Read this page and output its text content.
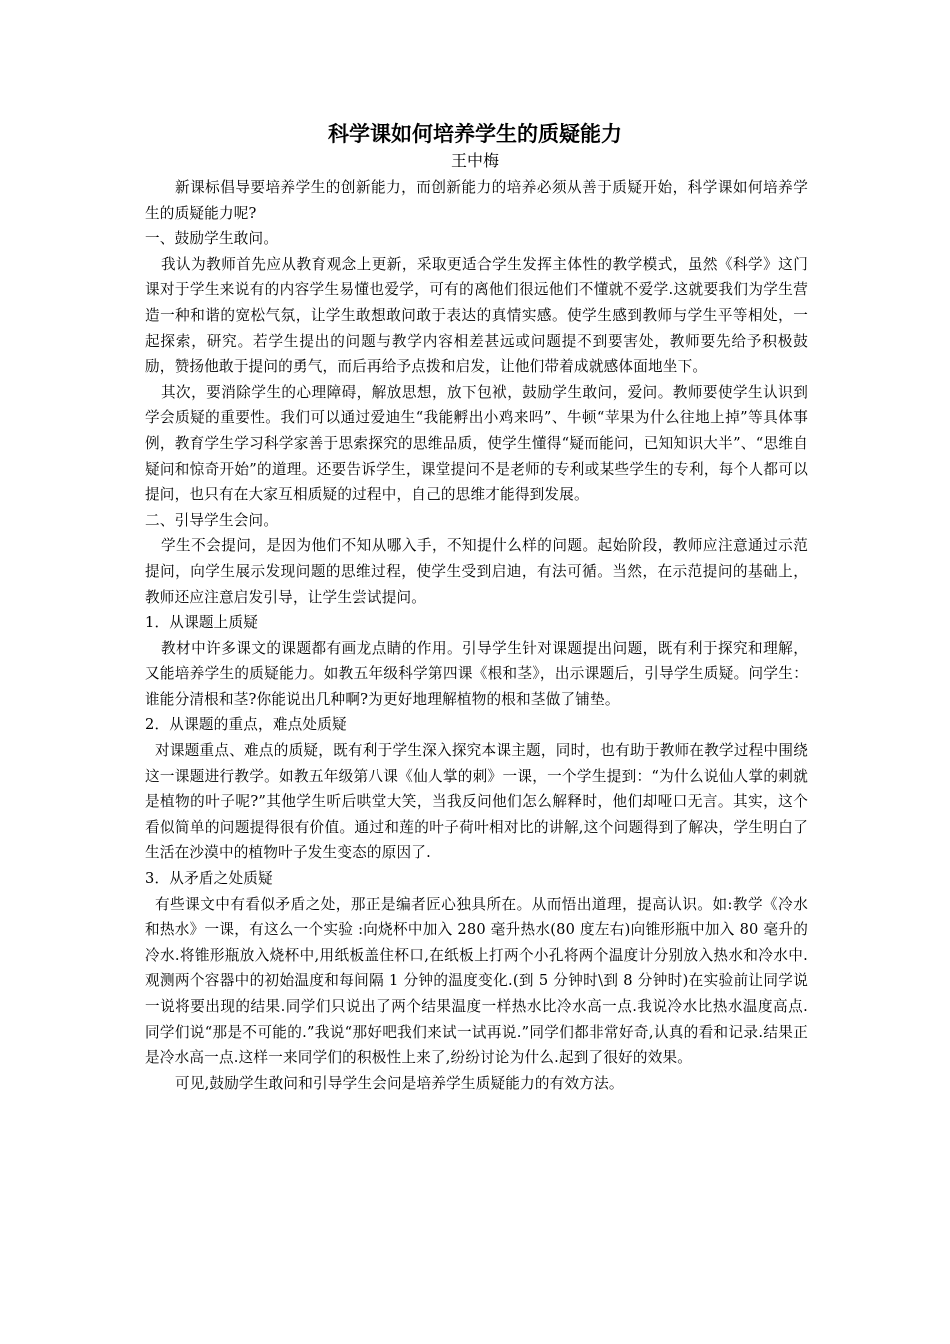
科学课如何培养学生的质疑能力
王中梅

新课标倡导要培养学生的创新能力，而创新能力的培养必须从善于质疑开始，科学课如何培养学生的质疑能力呢?

一、鼓励学生敢问。

我认为教师首先应从教育观念上更新，采取更适合学生发挥主体性的教学模式，虽然《科学》这门课对于学生来说有的内容学生易懂也爱学，可有的离他们很远他们不懂就不爱学.这就要我们为学生营造一种和谐的宽松气氛，让学生敢想敢问敢于表达的真情实感。使学生感到教师与学生平等相处，一起探索，研究。若学生提出的问题与教学内容相差甚远或问题提不到要害处，教师要先给予积极鼓励，赞扬他敢于提问的勇气，而后再给予点拨和启发，让他们带着成就感体面地坐下。

其次，要消除学生的心理障碍，解放思想，放下包袱，鼓励学生敢问，爱问。教师要使学生认识到学会质疑的重要性。我们可以通过爱迪生“我能孵出小鸡来吗”、牛顿“苹果为什么往地上掉”等具体事例，教育学生学习科学家善于思索探究的思维品质，使学生懂得“疑而能问，已知知识大半”、“思维自疑问和惊奇开始”的道理。还要告诉学生，课堂提问不是老师的专利或某些学生的专利，每个人都可以提问，也只有在大家互相质疑的过程中，自己的思维才能得到发展。

二、引导学生会问。

学生不会提问，是因为他们不知从哪入手，不知提什么样的问题。起始阶段，教师应注意通过示范提问，向学生展示发现问题的思维过程，使学生受到启迪，有法可循。当然，在示范提问的基础上，教师还应注意启发引导，让学生尝试提问。

1．从课题上质疑

教材中许多课文的课题都有画龙点睛的作用。引导学生针对课题提出问题，既有利于探究和理解，又能培养学生的质疑能力。如教五年级科学第四课《根和茎》，出示课题后，引导学生质疑。问学生：谁能分清根和茎?你能说出几种啊?为更好地理解植物的根和茎做了铺垫。

2．从课题的重点，难点处质疑

对课题重点、难点的质疑，既有利于学生深入探究本课主题，同时，也有助于教师在教学过程中围绕这一课题进行教学。如教五年级第八课《仙人掌的刺》一课，一个学生提到：“为什么说仙人掌的刺就是植物的叶子呢?”其他学生听后哄堂大笑，当我反问他们怎么解释时，他们却哑口无言。其实，这个看似简单的问题提得很有价值。通过和莲的叶子荷叶相对比的讲解,这个问题得到了解决，学生明白了生活在沙漠中的植物叶子发生变态的原因了.

3．从矛盾之处质疑

有些课文中有看似矛盾之处，那正是编者匠心独具所在。从而悟出道理，提高认识。如:教学《冷水和热水》一课，有这么一个实验 :向烧杯中加入 280 毫升热水(80 度左右)向锥形瓶中加入 80 毫升的冷水.将锥形瓶放入烧杯中,用纸板盖住杯口,在纸板上打两个小孔将两个温度计分别放入热水和冷水中.观测两个容器中的初始温度和每间隔 1 分钟的温度变化.(到 5 分钟时\到 8 分钟时)在实验前让同学说一说将要出现的结果.同学们只说出了两个结果温度一样热水比冷水高一点.我说冷水比热水温度高点.同学们说“那是不可能的.”我说“那好吧我们来试一试再说.”同学们都非常好奇,认真的看和记录.结果正是冷水高一点.这样一来同学们的积极性上来了,纷纷讨论为什么.起到了很好的效果。

可见,鼓励学生敢问和引导学生会问是培养学生质疑能力的有效方法。
